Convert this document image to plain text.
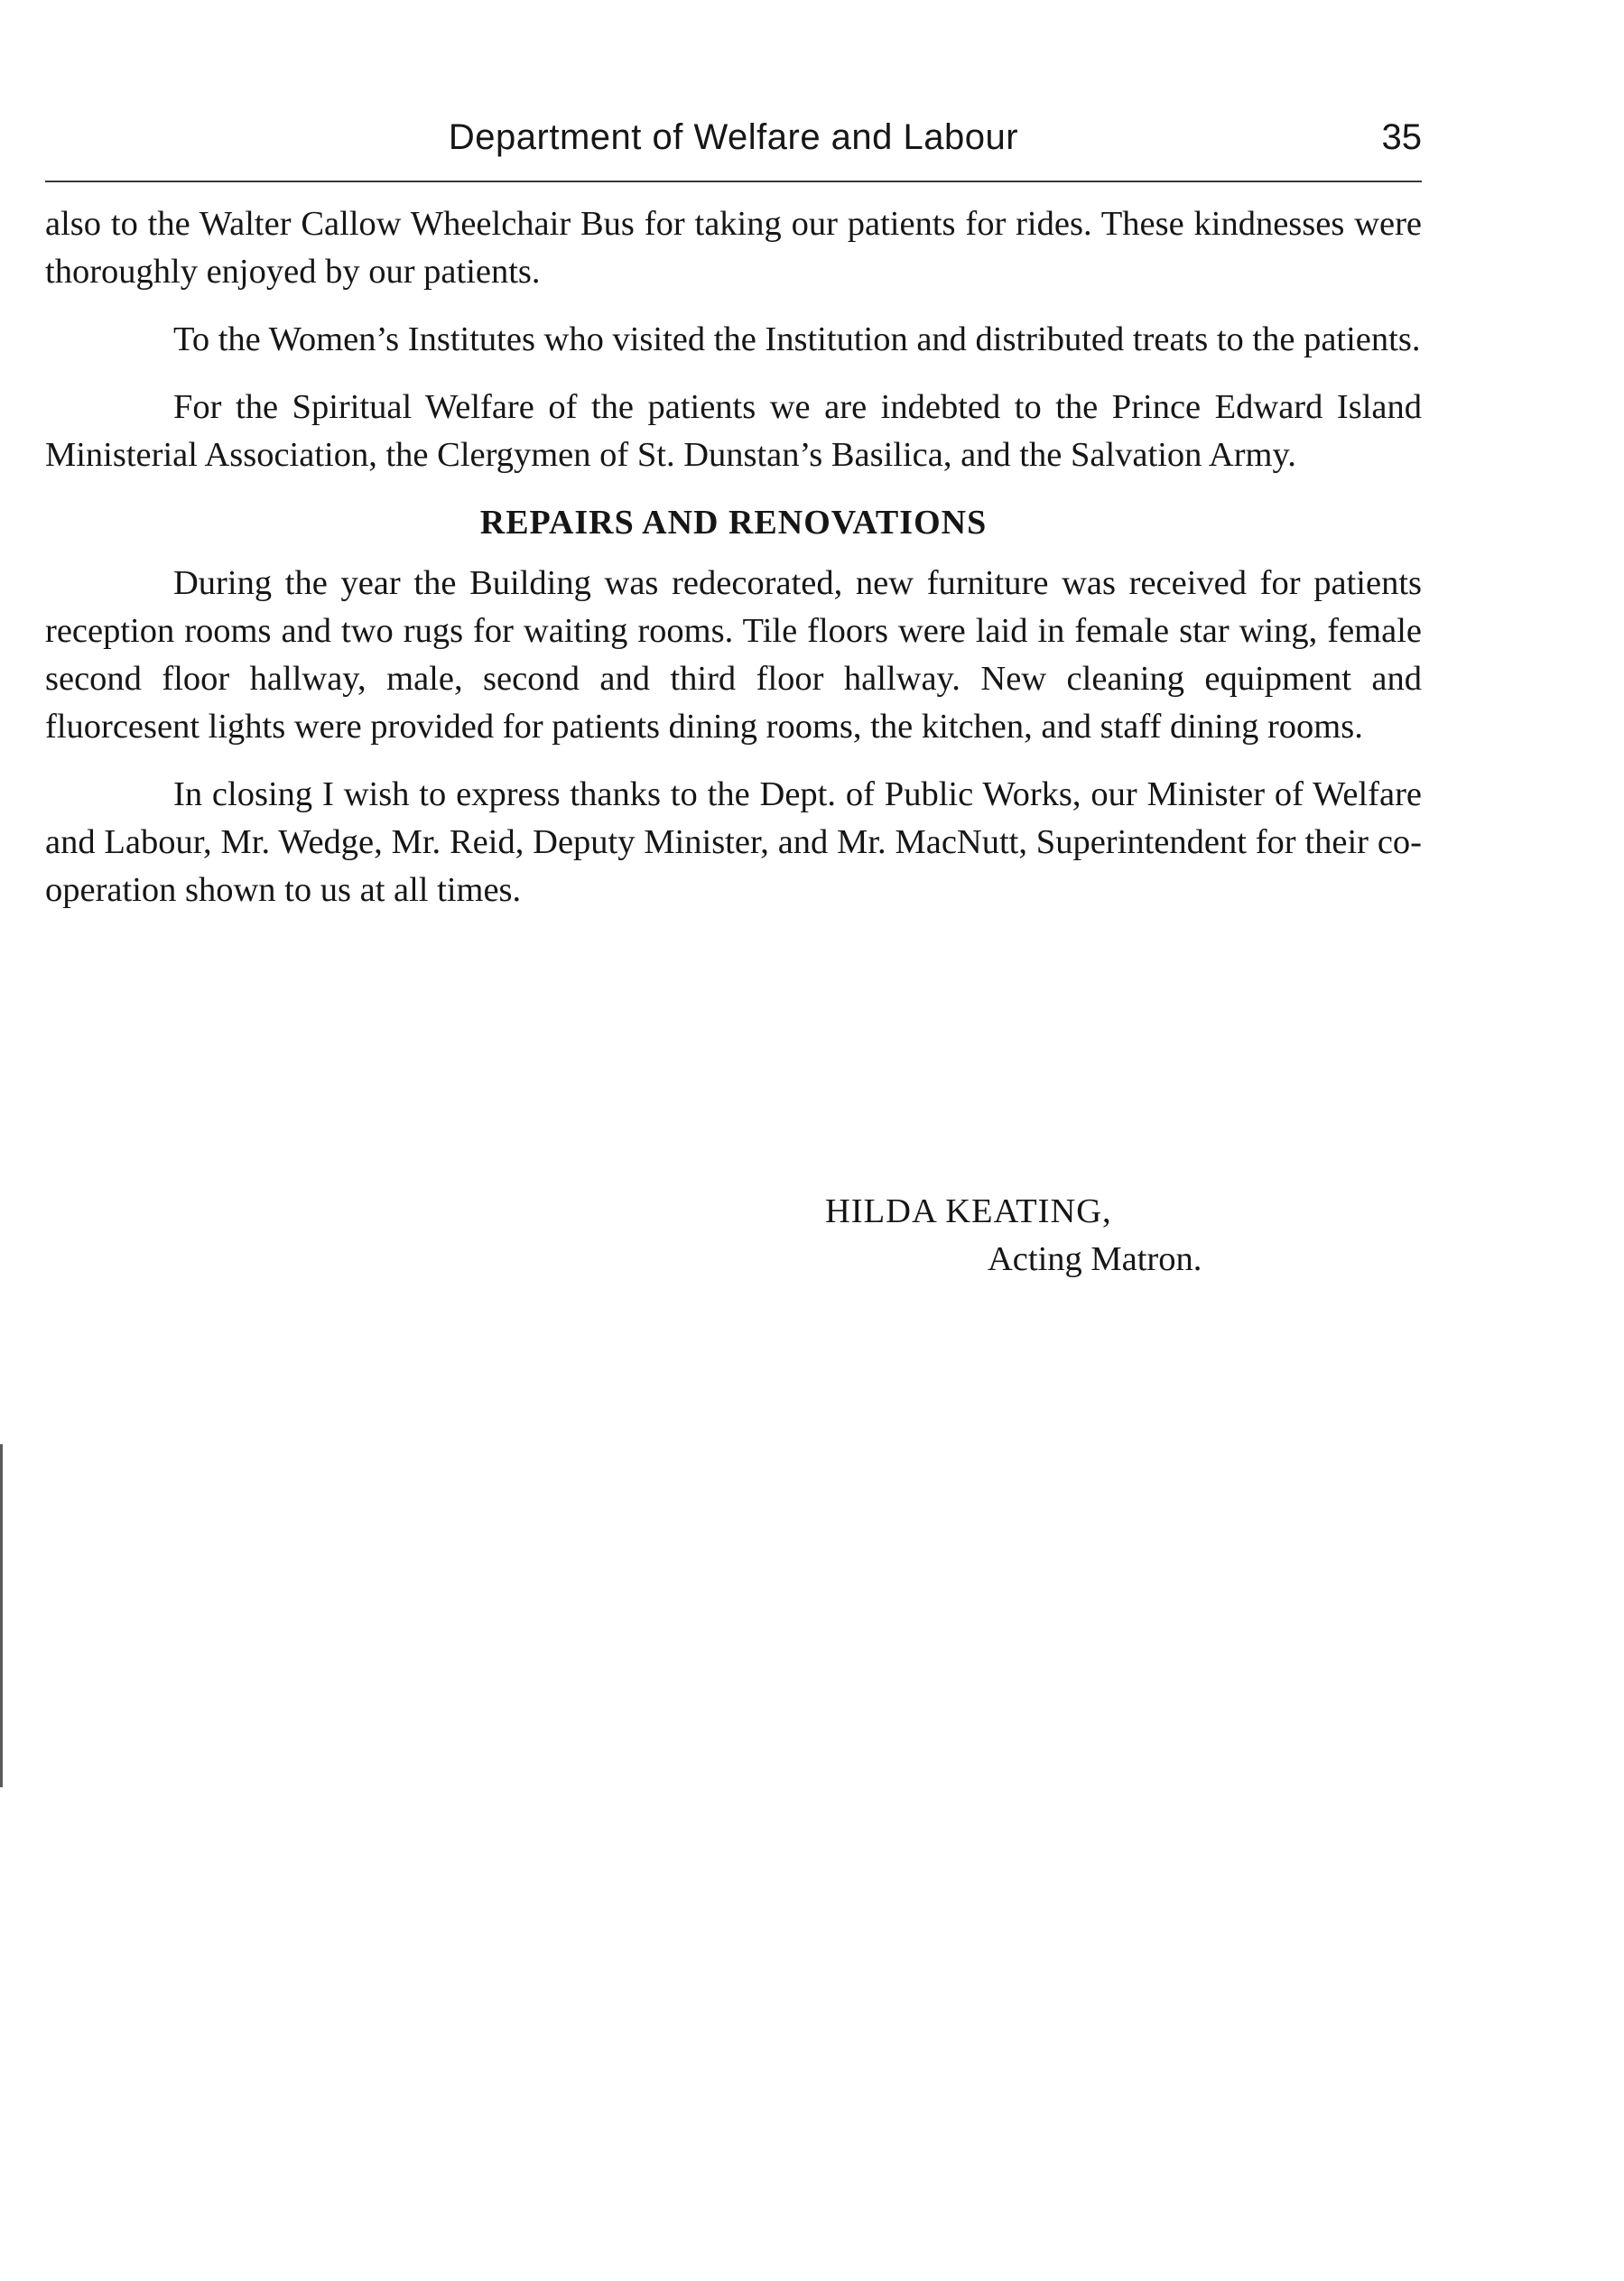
Department of Welfare and Labour	35

also to the Walter Callow Wheelchair Bus for taking our patients for rides. These kindnesses were thoroughly enjoyed by our patients.

To the Women’s Institutes who visited the Institution and distributed treats to the patients.

For the Spiritual Welfare of the patients we are indebted to the Prince Edward Island Ministerial Association, the Clergymen of St. Dunstan’s Basilica, and the Salvation Army.

REPAIRS AND RENOVATIONS

During the year the Building was redecorated, new furniture was received for patients reception rooms and two rugs for waiting rooms. Tile floors were laid in female star wing, female second floor hallway, male, second and third floor hallway. New cleaning equipment and fluorcesent lights were provided for patients dining rooms, the kitchen, and staff dining rooms.

In closing I wish to express thanks to the Dept. of Public Works, our Minister of Welfare and Labour, Mr. Wedge, Mr. Reid, Deputy Minister, and Mr. MacNutt, Superintendent for their co-operation shown to us at all times.

HILDA KEATING,
Acting Matron.
